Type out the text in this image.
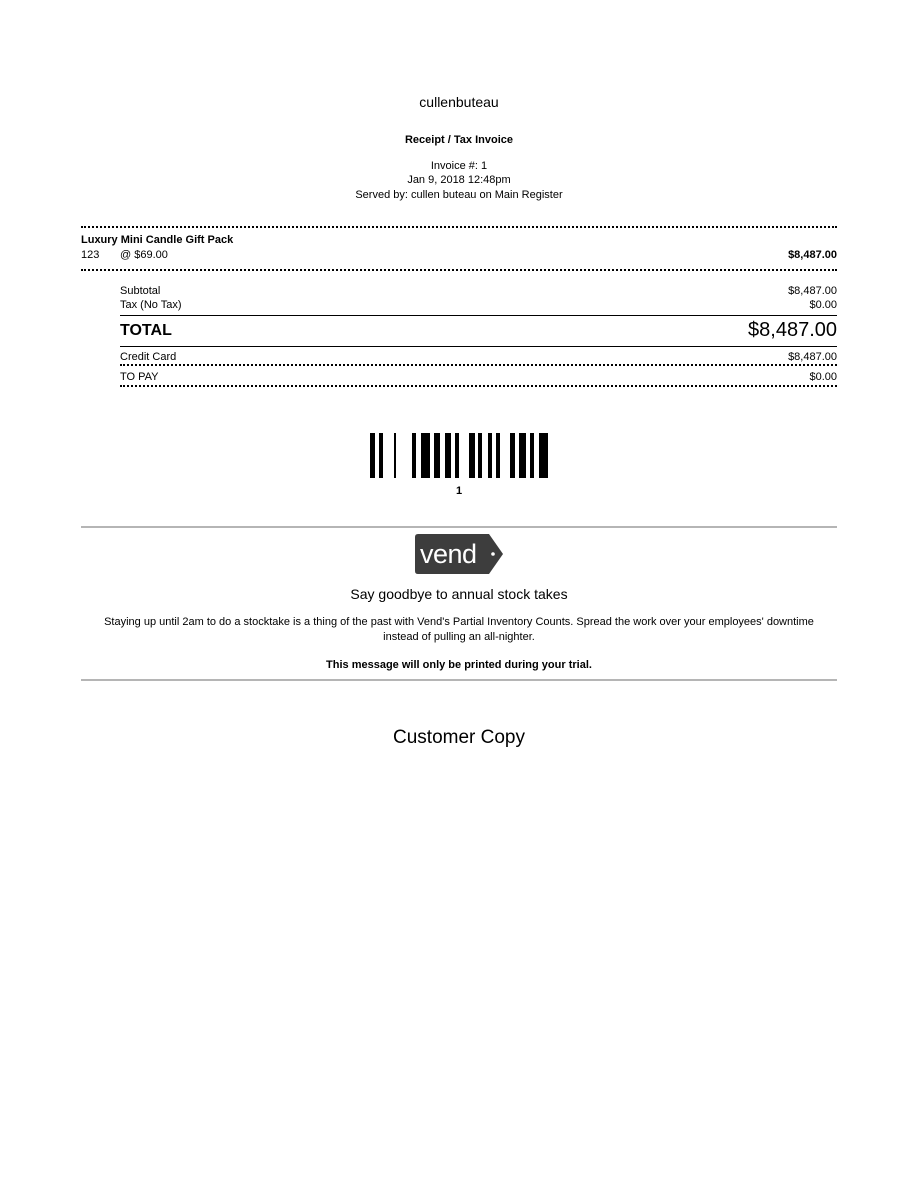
cullenbuteau
Receipt / Tax Invoice
Invoice #: 1
Jan 9, 2018 12:48pm
Served by: cullen buteau on Main Register
Luxury Mini Candle Gift Pack
123 @ $69.00	$8,487.00
Subtotal	$8,487.00
Tax (No Tax)	$0.00
TOTAL	$8,487.00
Credit Card	$8,487.00
TO PAY	$0.00
1
vend
Say goodbye to annual stock takes
Staying up until 2am to do a stocktake is a thing of the past with Vend's Partial Inventory Counts. Spread the work over your employees' downtime instead of pulling an all-nighter.
This message will only be printed during your trial.
Customer Copy
